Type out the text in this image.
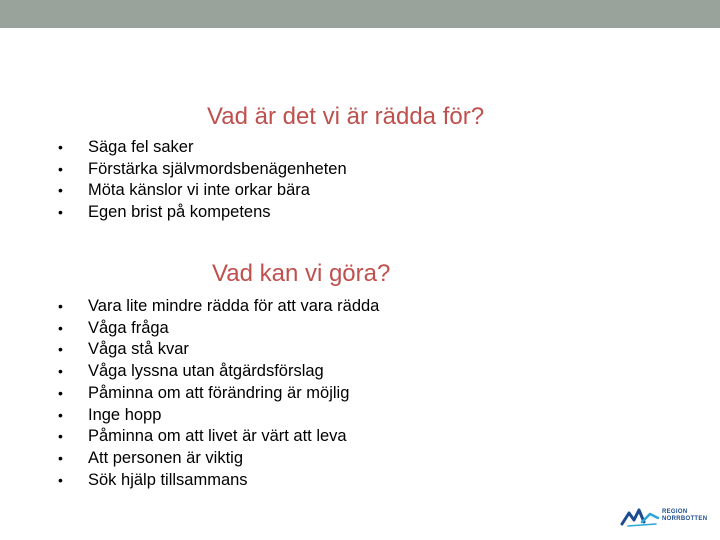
Vad är det vi är rädda för?
• Säga fel saker
• Förstärka självmordsbenägenheten
• Möta känslor vi inte orkar bära
• Egen brist på kompetens
Vad kan vi göra?
• Vara lite mindre rädda för att vara rädda
• Våga fråga
• Våga stå kvar
• Våga lyssna utan åtgärdsförslag
• Påminna om att förändring är möjlig
• Inge hopp
• Påminna om att livet är värt att leva
• Att personen är viktig
• Sök hjälp tillsammans
REGION
NORRBOTTEN
